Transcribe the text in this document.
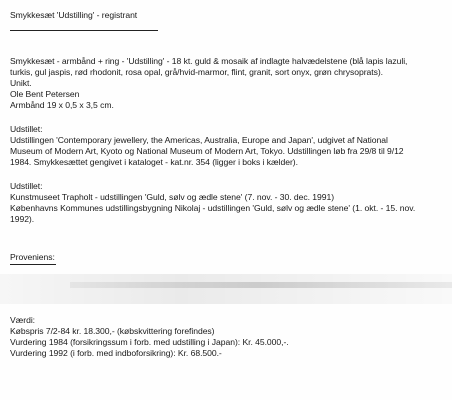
Smykkesæt 'Udstilling' - registrant
Smykkesæt - armbånd + ring - 'Udstilling' - 18 kt. guld & mosaik af indlagte halvædelstene (blå lapis lazuli,
turkis, gul jaspis, rød rhodonit, rosa opal, grå/hvid-marmor, flint, granit, sort onyx, grøn chrysoprats).
Unikt.
Ole Bent Petersen
Armbånd 19 x 0,5 x 3,5 cm.
Udstillet:
Udstillingen 'Contemporary jewellery, the Americas, Australia, Europe and Japan', udgivet af National
Museum of Modern Art, Kyoto og National Museum of Modern Art, Tokyo. Udstillingen løb fra 29/8 til 9/12
1984. Smykkesættet gengivet i kataloget - kat.nr. 354 (ligger i boks i kælder).
Udstillet:
Kunstmuseet Trapholt - udstillingen 'Guld, sølv og ædle stene' (7. nov. - 30. dec. 1991)
Københavns Kommunes udstillingsbygning Nikolaj - udstillingen 'Guld, sølv og ædle stene' (1. okt. - 15. nov.
1992).
Proveniens:
Værdi:
Købspris 7/2-84 kr. 18.300,- (købskvittering forefindes)
Vurdering 1984 (forsikringssum i forb. med udstilling i Japan): Kr. 45.000,-.
Vurdering 1992 (i forb. med indboforsikring): Kr. 68.500.-
